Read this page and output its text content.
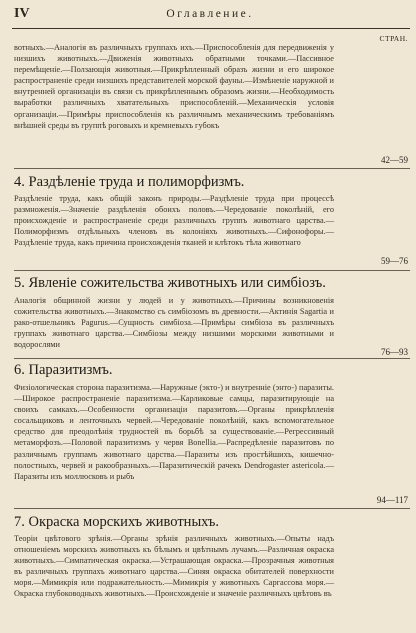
IV	Оглавление.
СТРАН.

вотныхъ.—Аналогія въ различныхъ группахъ ихъ.—Приспособленія для передвиженія у низшихъ животныхъ.—Движенія животныхъ обратными точками.—Пассивное перемѣщеніе.—Ползающія животныя.—Прикрѣпленный образъ жизни и его широкое распространеніе среди низшихъ представителей морской фауны.—Измѣненіе наружной и внутренней организаціи въ связи съ прикрѣпленнымъ образомъ жизни.—Необходимость выработки различныхъ хватательныхъ приспособленій.—Механическія условія организаціи.—Примѣры приспособленія къ различнымъ механическимъ требованіямъ внѣшней среды въ группѣ роговыхъ и кремневыхъ губокъ

42—59
4. Раздѣленіе труда и полиморфизмъ.

Раздѣленіе труда, какъ общій законъ природы.—Раздѣленіе труда при процессѣ размноженія.—Значеніе раздѣленія обоихъ половъ.—Чередованіе поколѣній, его происхожденіе и распространеніе среди различныхъ группъ животнаго царства.—Полиморфизмъ отдѣльныхъ членовъ въ колоніяхъ животныхъ.—Сифонофоры.—Раздѣленіе труда, какъ причина происхожденія тканей и клѣтокъ тѣла животнаго

59—76
5. Явленіе сожительства животныхъ или симбіозъ.

Аналогія общинной жизни у людей и у животныхъ.—Причины возникновенія сожительства животныхъ.—Знакомство съ симбіозомъ въ древности.—Актинія Sagartia и рако-отшельникъ Pagurus.—Сущность симбіоза.—Примѣры симбіоза въ различныхъ группахъ животнаго царства.—Симбіозы между низшими морскими животными и водорослями

76—93
6. Паразитизмъ.

Физіологическая сторона паразитизма.—Наружные (экто-) и внутренніе (энто-) паразиты.—Широкое распространеніе паразитизма.—Карликовые самцы, паразитирующіе на своихъ самкахъ.—Особенности организаціи паразитовъ.—Органы прикрѣпленія сосальщиковъ и ленточныхъ червей.—Чередованіе поколѣній, какъ вспомогательное средство для преодолѣнія трудностей въ борьбѣ за существованіе.—Регрессивный метаморфозъ.—Половой паразитизмъ у червя Bonellia.—Распредѣленіе паразитовъ по различнымъ группамъ животнаго царства.—Паразиты изъ простѣйшихъ, кишечно-полостныхъ, червей и ракообразныхъ.—Паразитическій рачекъ Dendrogaster astericola.—Паразиты изъ моллюсковъ и рыбъ

94—117
7. Окраска морскихъ животныхъ.

Теоріи цвѣтового зрѣнія.—Органы зрѣнія различныхъ животныхъ.—Опыты надъ отношеніемъ морскихъ животныхъ къ бѣлымъ и цвѣтнымъ лучамъ.—Различная окраска животныхъ.—Симпатическая окраска.—Устрашающая окраска.—Прозрачныя животныя въ различныхъ группахъ животнаго царства.—Синяя окраска обитателей поверхности моря.—Мимикрія или подражательность.—Мимикрія у животныхъ Саргассова моря.—Окраска глубоководныхъ животныхъ.—Происхожденіе и значеніе различныхъ цвѣтовъ въ
